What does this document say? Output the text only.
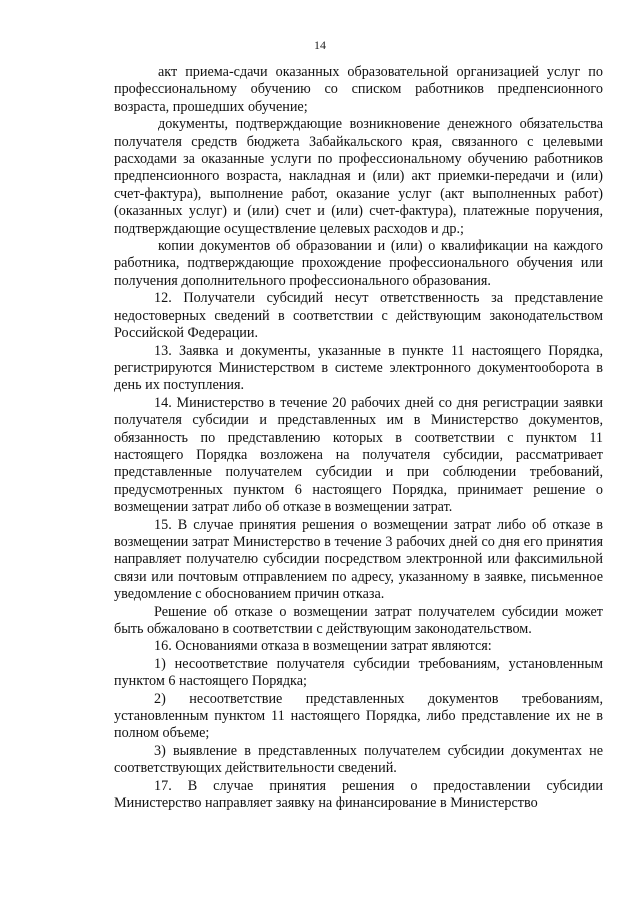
14

акт приема-сдачи оказанных образовательной организацией услуг по профессиональному обучению со списком работников предпенсионного возраста, прошедших обучение;

документы, подтверждающие возникновение денежного обязательства получателя средств бюджета Забайкальского края, связанного с целевыми расходами за оказанные услуги по профессиональному обучению работников предпенсионного возраста, накладная и (или) акт приемки-передачи и (или) счет-фактура), выполнение работ, оказание услуг (акт выполненных работ) (оказанных услуг) и (или) счет и (или) счет-фактура), платежные поручения, подтверждающие осуществление целевых расходов и др.;

копии документов об образовании и (или) о квалификации на каждого работника, подтверждающие прохождение профессионального обучения или получения дополнительного профессионального образования.

12. Получатели субсидий несут ответственность за представление недостоверных сведений в соответствии с действующим законодательством Российской Федерации.

13. Заявка и документы, указанные в пункте 11 настоящего Порядка, регистрируются Министерством в системе электронного документооборота в день их поступления.

14. Министерство в течение 20 рабочих дней со дня регистрации заявки получателя субсидии и представленных им в Министерство документов, обязанность по представлению которых в соответствии с пунктом 11 настоящего Порядка возложена на получателя субсидии, рассматривает представленные получателем субсидии и при соблюдении требований, предусмотренных пунктом 6 настоящего Порядка, принимает решение о возмещении затрат либо об отказе в возмещении затрат.

15. В случае принятия решения о возмещении затрат либо об отказе в возмещении затрат Министерство в течение 3 рабочих дней со дня его принятия направляет получателю субсидии посредством электронной или факсимильной связи или почтовым отправлением по адресу, указанному в заявке, письменное уведомление с обоснованием причин отказа.

Решение об отказе о возмещении затрат получателем субсидии может быть обжаловано в соответствии с действующим законодательством.

16. Основаниями отказа в возмещении затрат являются:

1) несоответствие получателя субсидии требованиям, установленным пунктом 6 настоящего Порядка;

2) несоответствие представленных документов требованиям, установленным пунктом 11 настоящего Порядка, либо представление их не в полном объеме;

3) выявление в представленных получателем субсидии документах не соответствующих действительности сведений.

17. В случае принятия решения о предоставлении субсидии Министерство направляет заявку на финансирование в Министерство
